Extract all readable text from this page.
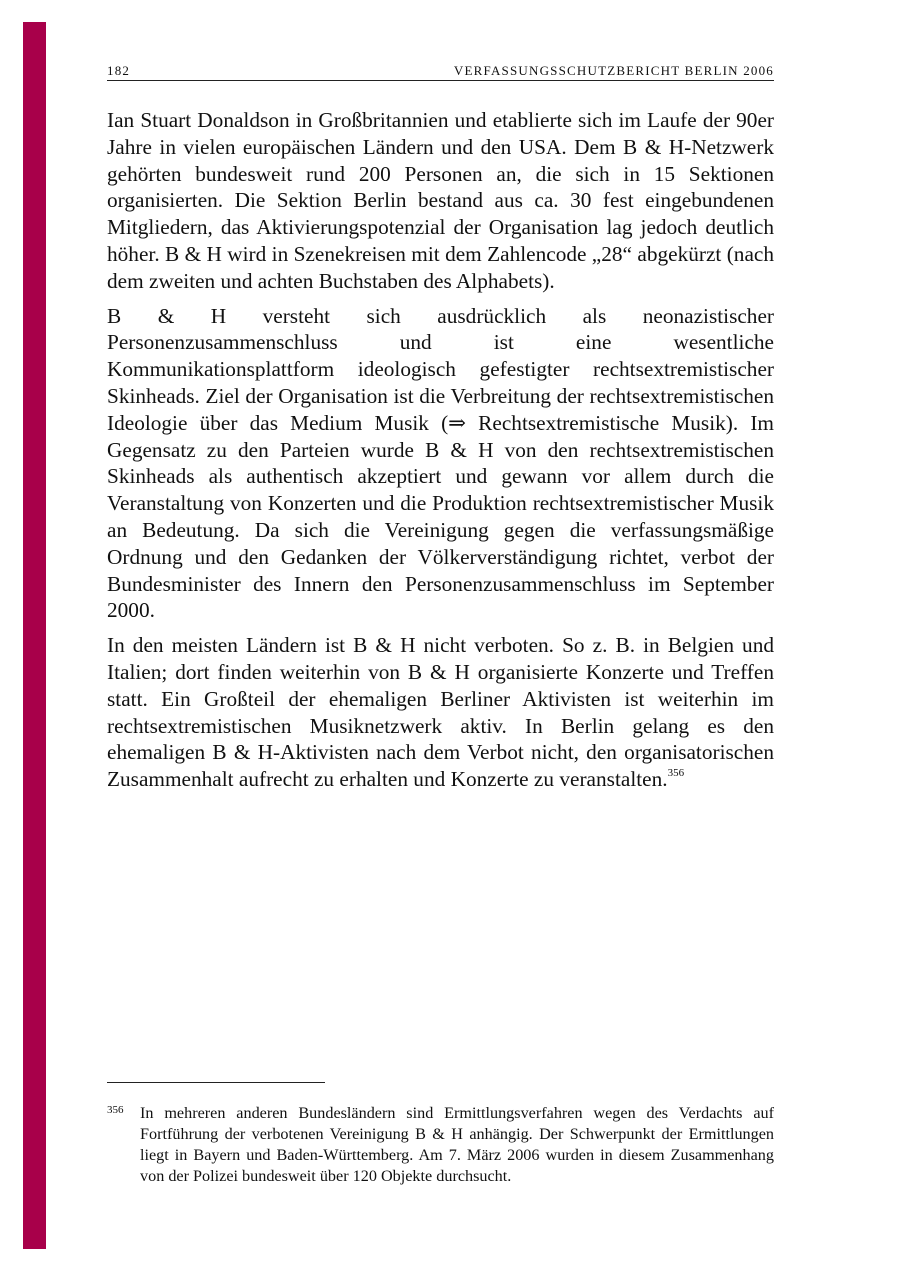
182	VERFASSUNGSSCHUTZBERICHT BERLIN 2006

Ian Stuart Donaldson in Großbritannien und etablierte sich im Laufe der 90er Jahre in vielen europäischen Ländern und den USA. Dem B & H-Netzwerk gehörten bundesweit rund 200 Personen an, die sich in 15 Sektionen organisierten. Die Sektion Berlin bestand aus ca. 30 fest eingebundenen Mitgliedern, das Aktivierungspotenzial der Organisation lag jedoch deutlich höher. B & H wird in Szenekreisen mit dem Zahlencode „28“ abgekürzt (nach dem zweiten und achten Buchstaben des Alphabets).

B & H versteht sich ausdrücklich als neonazistischer Personenzusammenschluss und ist eine wesentliche Kommunikationsplattform ideologisch gefestigter rechtsextremistischer Skinheads. Ziel der Organisation ist die Verbreitung der rechtsextremistischen Ideologie über das Medium Musik (⇒ Rechtsextremistische Musik). Im Gegensatz zu den Parteien wurde B & H von den rechtsextremistischen Skinheads als authentisch akzeptiert und gewann vor allem durch die Veranstaltung von Konzerten und die Produktion rechtsextremistischer Musik an Bedeutung. Da sich die Vereinigung gegen die verfassungsmäßige Ordnung und den Gedanken der Völkerverständigung richtet, verbot der Bundesminister des Innern den Personenzusammenschluss im September 2000.

In den meisten Ländern ist B & H nicht verboten. So z. B. in Belgien und Italien; dort finden weiterhin von B & H organisierte Konzerte und Treffen statt. Ein Großteil der ehemaligen Berliner Aktivisten ist weiterhin im rechtsextremistischen Musiknetzwerk aktiv. In Berlin gelang es den ehemaligen B & H-Aktivisten nach dem Verbot nicht, den organisatorischen Zusammenhalt aufrecht zu erhalten und Konzerte zu veranstalten.$^{356}$

356	In mehreren anderen Bundesländern sind Ermittlungsverfahren wegen des Verdachts auf Fortführung der verbotenen Vereinigung B & H anhängig. Der Schwerpunkt der Ermittlungen liegt in Bayern und Baden-Württemberg. Am 7. März 2006 wurden in diesem Zusammenhang von der Polizei bundesweit über 120 Objekte durchsucht.
